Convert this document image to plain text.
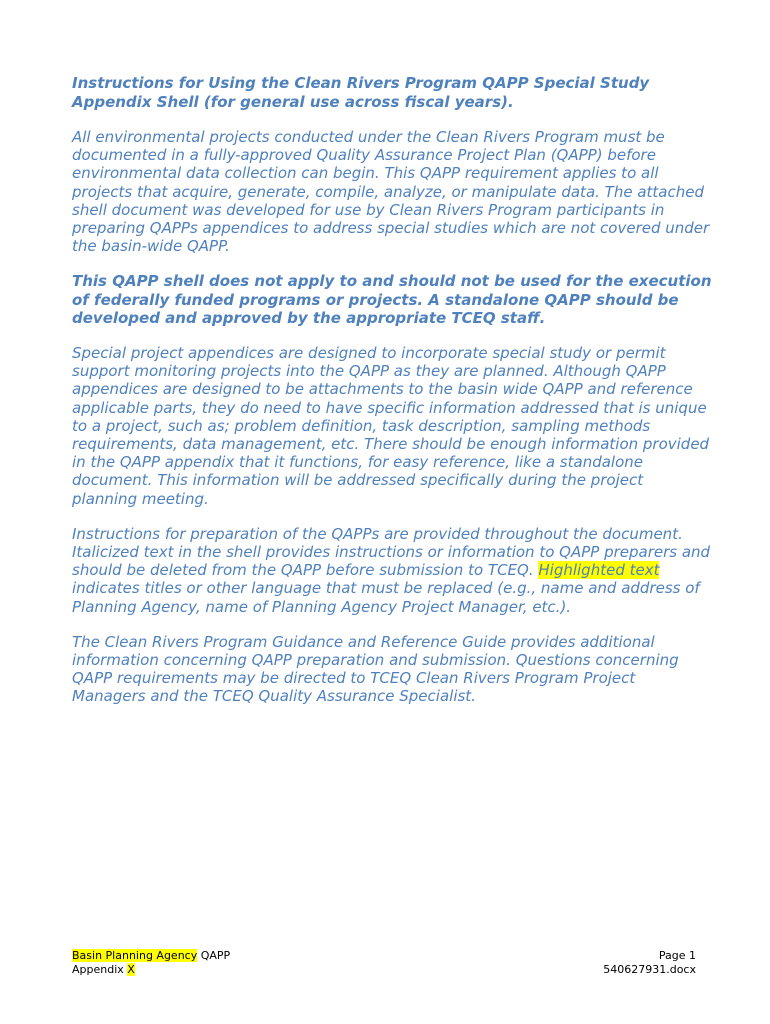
Instructions for Using the Clean Rivers Program QAPP Special Study Appendix Shell (for general use across fiscal years).

All environmental projects conducted under the Clean Rivers Program must be documented in a fully-approved Quality Assurance Project Plan (QAPP) before environmental data collection can begin. This QAPP requirement applies to all projects that acquire, generate, compile, analyze, or manipulate data. The attached shell document was developed for use by Clean Rivers Program participants in preparing QAPPs appendices to address special studies which are not covered under the basin-wide QAPP.

This QAPP shell does not apply to and should not be used for the execution of federally funded programs or projects. A standalone QAPP should be developed and approved by the appropriate TCEQ staff.

Special project appendices are designed to incorporate special study or permit support monitoring projects into the QAPP as they are planned. Although QAPP appendices are designed to be attachments to the basin wide QAPP and reference applicable parts, they do need to have specific information addressed that is unique to a project, such as; problem definition, task description, sampling methods requirements, data management, etc. There should be enough information provided in the QAPP appendix that it functions, for easy reference, like a standalone document. This information will be addressed specifically during the project planning meeting.

Instructions for preparation of the QAPPs are provided throughout the document. Italicized text in the shell provides instructions or information to QAPP preparers and should be deleted from the QAPP before submission to TCEQ. Highlighted text indicates titles or other language that must be replaced (e.g., name and address of Planning Agency, name of Planning Agency Project Manager, etc.).

The Clean Rivers Program Guidance and Reference Guide provides additional information concerning QAPP preparation and submission. Questions concerning QAPP requirements may be directed to TCEQ Clean Rivers Program Project Managers and the TCEQ Quality Assurance Specialist.

Basin Planning Agency QAPP
Appendix X
Page 1
540627931.docx
